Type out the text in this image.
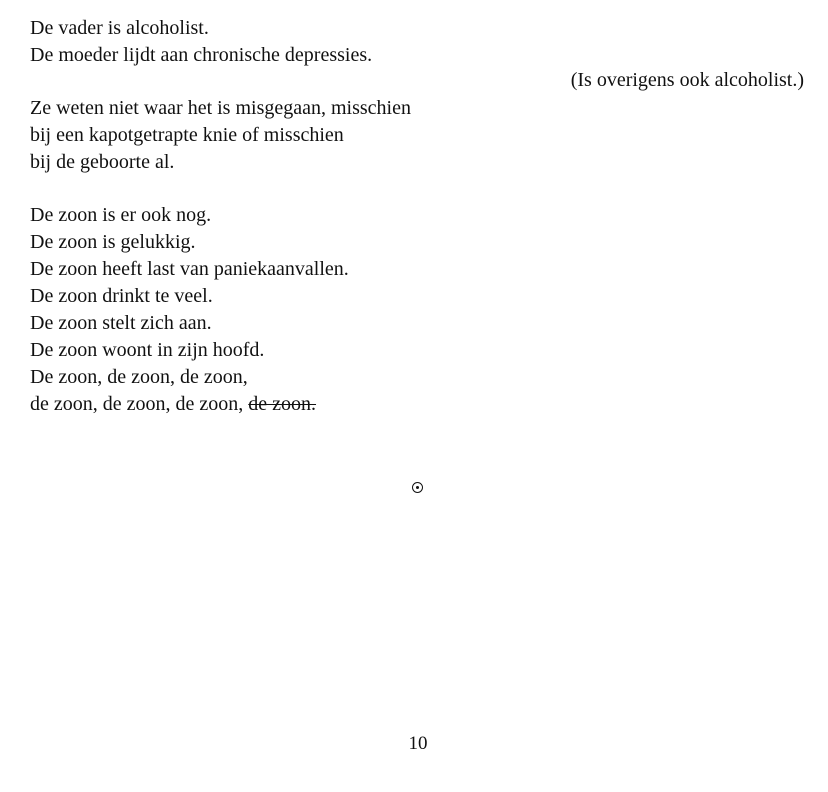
De vader is alcoholist.
De moeder lijdt aan chronische depressies.
(Is overigens ook alcoholist.)
Ze weten niet waar het is misgegaan, misschien
bij een kapotgetrapte knie of misschien
bij de geboorte al.
De zoon is er ook nog.
De zoon is gelukkig.
De zoon heeft last van paniekaanvallen.
De zoon drinkt te veel.
De zoon stelt zich aan.
De zoon woont in zijn hoofd.
De zoon, de zoon, de zoon,
de zoon, de zoon, de zoon, de zoon.
10
